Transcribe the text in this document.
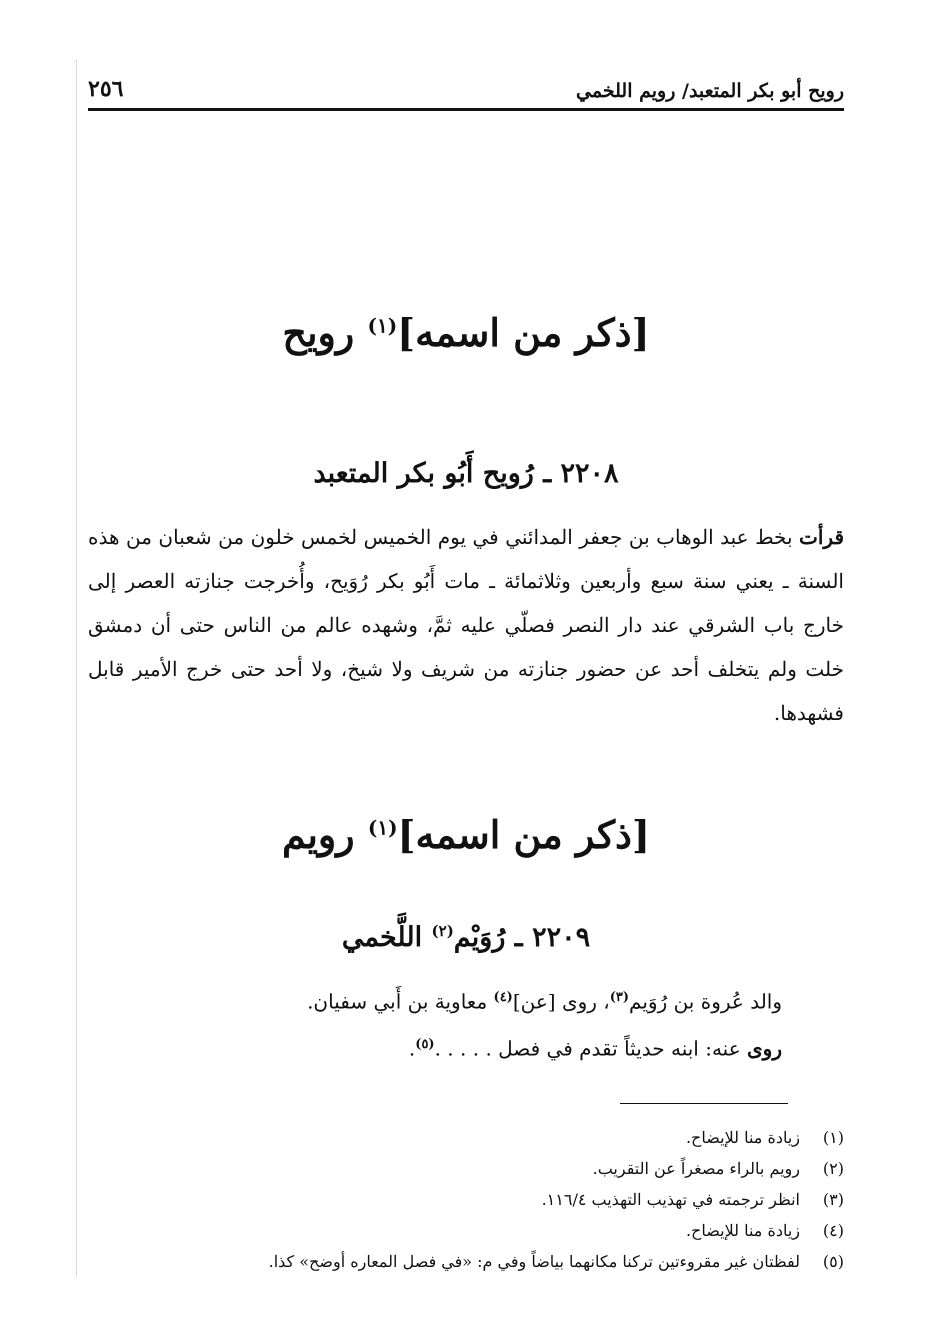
رويح أبو بكر المتعبد/ رويم اللخمي
٢٥٦
[ذكر من اسمه]$^{(١)}$ رويح
٢٢٠٨ ـ رُويح أَبُو بكر المتعبد
قرأت بخط عبد الوهاب بن جعفر المدائني في يوم الخميس لخمس خلون من شعبان من هذه السنة ـ يعني سنة سبع وأربعين وثلاثمائة ـ مات أَبُو بكر رُوَيح، وأُخرجت جنازته العصر إلى خارج باب الشرقي عند دار النصر فصلّي عليه ثمَّ، وشهده عالم من الناس حتى أن دمشق خلت ولم يتخلف أحد عن حضور جنازته من شريف ولا شيخ، ولا أحد حتى خرج الأمير قابل فشهدها.
[ذكر من اسمه]$^{(١)}$ رويم
٢٢٠٩ ـ رُوَيْم$^{(٢)}$ اللَّخمي
والد عُروة بن رُوَيم$^{(٣)}$، روى [عن]$^{(٤)}$ معاوية بن أَبي سفيان.
روى عنه: ابنه حديثاً تقدم في فصل . . . . .$^{(٥)}$.
(١)
زيادة منا للإيضاح.
(٢)
رويم بالراء مصغراً عن التقريب.
(٣)
انظر ترجمته في تهذيب التهذيب ١١٦/٤.
(٤)
زيادة منا للإيضاح.
(٥)
لفظتان غير مقروءتين تركنا مكانهما بياضاً وفي م: «في فصل المعاره أوضح» كذا.
